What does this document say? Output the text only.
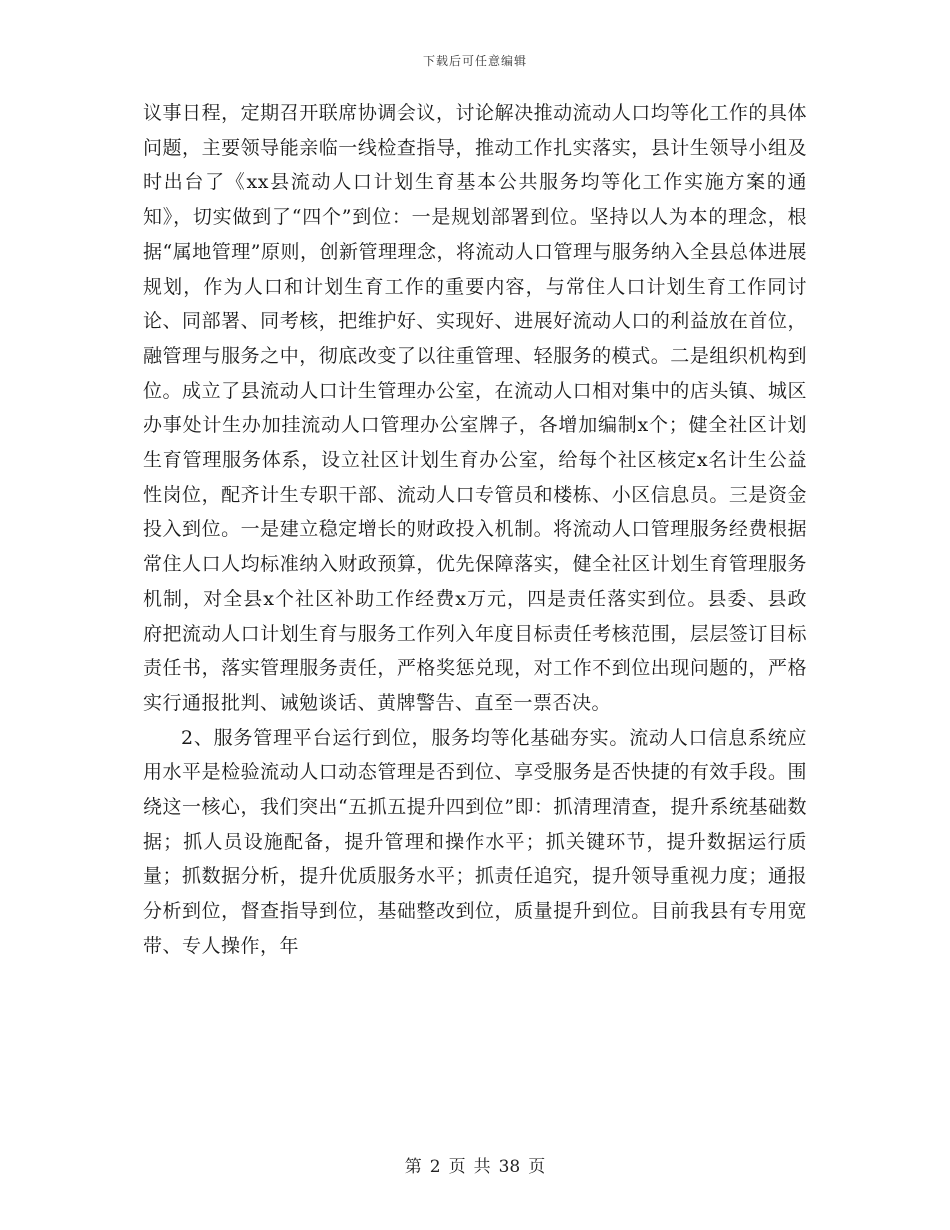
下载后可任意编辑

议事日程，定期召开联席协调会议，讨论解决推动流动人口均等化工作的具体问题，主要领导能亲临一线检查指导，推动工作扎实落实，县计生领导小组及时出台了《xx县流动人口计划生育基本公共服务均等化工作实施方案的通知》，切实做到了“四个”到位：一是规划部署到位。坚持以人为本的理念，根据“属地管理”原则，创新管理理念，将流动人口管理与服务纳入全县总体进展规划，作为人口和计划生育工作的重要内容，与常住人口计划生育工作同讨论、同部署、同考核，把维护好、实现好、进展好流动人口的利益放在首位，融管理与服务之中，彻底改变了以往重管理、轻服务的模式。二是组织机构到位。成立了县流动人口计生管理办公室，在流动人口相对集中的店头镇、城区办事处计生办加挂流动人口管理办公室牌子，各增加编制x个；健全社区计划生育管理服务体系，设立社区计划生育办公室，给每个社区核定x名计生公益性岗位，配齐计生专职干部、流动人口专管员和楼栋、小区信息员。三是资金投入到位。一是建立稳定增长的财政投入机制。将流动人口管理服务经费根据常住人口人均标准纳入财政预算，优先保障落实，健全社区计划生育管理服务机制，对全县x个社区补助工作经费x万元，四是责任落实到位。县委、县政府把流动人口计划生育与服务工作列入年度目标责任考核范围，层层签订目标责任书，落实管理服务责任，严格奖惩兑现，对工作不到位出现问题的，严格实行通报批判、诫勉谈话、黄牌警告、直至一票否决。

2、服务管理平台运行到位，服务均等化基础夯实。流动人口信息系统应用水平是检验流动人口动态管理是否到位、享受服务是否快捷的有效手段。围绕这一核心，我们突出“五抓五提升四到位”即：抓清理清查，提升系统基础数据；抓人员设施配备，提升管理和操作水平；抓关键环节，提升数据运行质量；抓数据分析，提升优质服务水平；抓责任追究，提升领导重视力度；通报分析到位，督查指导到位，基础整改到位，质量提升到位。目前我县有专用宽带、专人操作，年

第 2 页 共 38 页
